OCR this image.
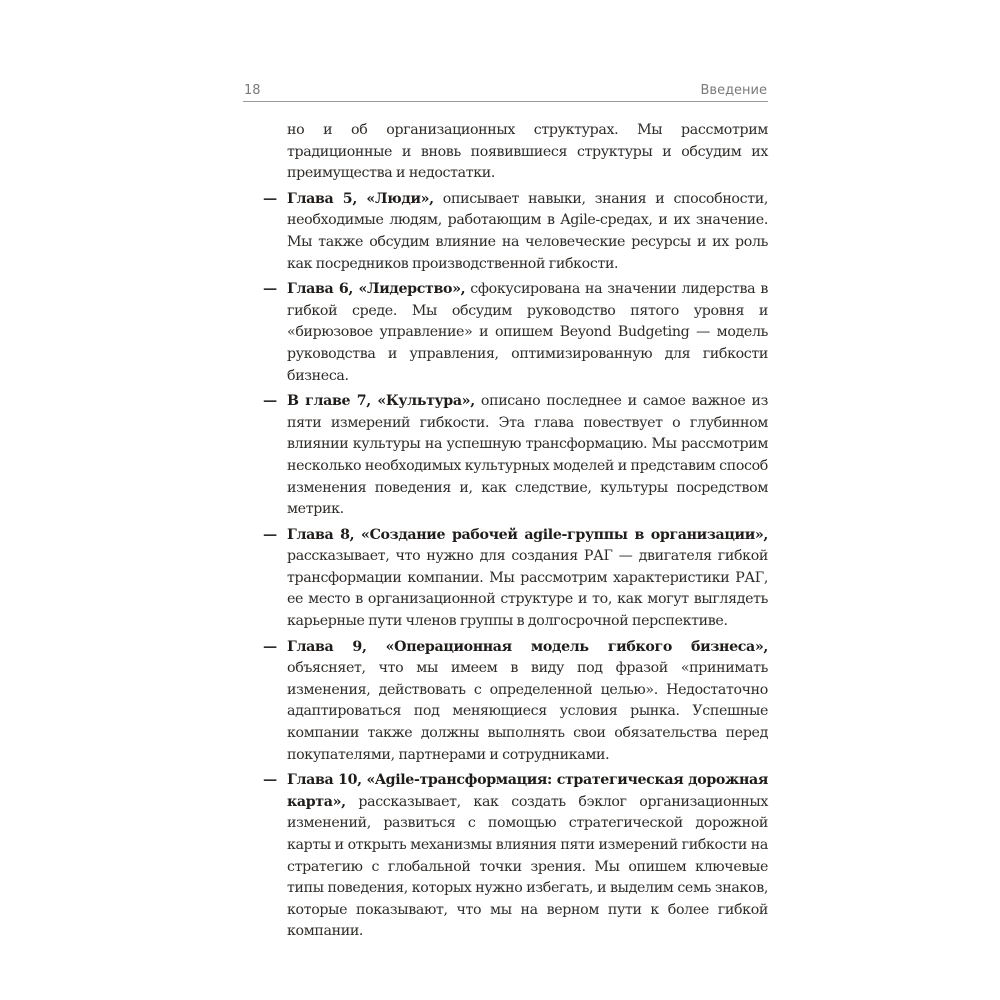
18	Введение

но и об организационных структурах. Мы рассмотрим традиционные и вновь появившиеся структуры и обсудим их преимущества и недостатки.

— Глава 5, «Люди», описывает навыки, знания и способности, необходимые людям, работающим в Agile-средах, и их значение. Мы также обсудим влияние на человеческие ресурсы и их роль как посредников производственной гибкости.

— Глава 6, «Лидерство», сфокусирована на значении лидерства в гибкой среде. Мы обсудим руководство пятого уровня и «бирюзовое управление» и опишем Beyond Budgeting — модель руководства и управления, оптимизированную для гибкости бизнеса.

— В главе 7, «Культура», описано последнее и самое важное из пяти измерений гибкости. Эта глава повествует о глубинном влиянии культуры на успешную трансформацию. Мы рассмотрим несколько необходимых культурных моделей и представим способ изменения поведения и, как следствие, культуры посредством метрик.

— Глава 8, «Создание рабочей agile-группы в организации», рассказывает, что нужно для создания РАГ — двигателя гибкой трансформации компании. Мы рассмотрим характеристики РАГ, ее место в организационной структуре и то, как могут выглядеть карьерные пути членов группы в долгосрочной перспективе.

— Глава 9, «Операционная модель гибкого бизнеса», объясняет, что мы имеем в виду под фразой «принимать изменения, действовать с определенной целью». Недостаточно адаптироваться под меняющиеся условия рынка. Успешные компании также должны выполнять свои обязательства перед покупателями, партнерами и сотрудниками.

— Глава 10, «Agile-трансформация: стратегическая дорожная карта», рассказывает, как создать бэклог организационных изменений, развиться с помощью стратегической дорожной карты и открыть механизмы влияния пяти измерений гибкости на стратегию с глобальной точки зрения. Мы опишем ключевые типы поведения, которых нужно избегать, и выделим семь знаков, которые показывают, что мы на верном пути к более гибкой компании.
